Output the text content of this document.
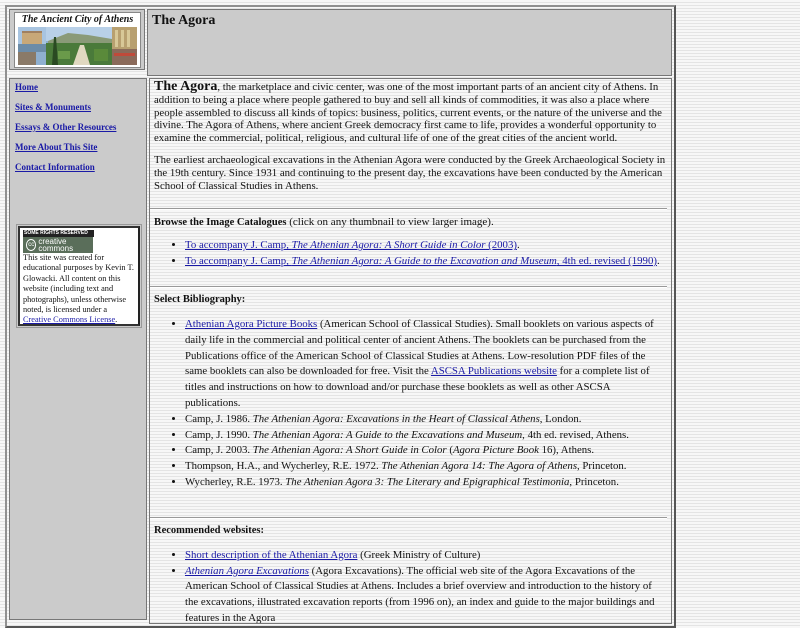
The Ancient City of Athens	The Agora
Home
Sites & Monuments
Essays & Other Resources
More About This Site
Contact Information
SOME RIGHTS RESERVED
cc creative commons
This site was created for educational purposes by Kevin T. Glowacki. All content on this website (including text and photographs), unless otherwise noted, is licensed under a Creative Commons License.

The Agora, the marketplace and civic center, was one of the most important parts of an ancient city of Athens. In addition to being a place where people gathered to buy and sell all kinds of commodities, it was also a place where people assembled to discuss all kinds of topics: business, politics, current events, or the nature of the universe and the divine. The Agora of Athens, where ancient Greek democracy first came to life, provides a wonderful opportunity to examine the commercial, political, religious, and cultural life of one of the great cities of the ancient world.

The earliest archaeological excavations in the Athenian Agora were conducted by the Greek Archaeological Society in the 19th century. Since 1931 and continuing to the present day, the excavations have been conducted by the American School of Classical Studies in Athens.

Browse the Image Catalogues (click on any thumbnail to view larger image).
• To accompany J. Camp, The Athenian Agora: A Short Guide in Color (2003).
• To accompany J. Camp, The Athenian Agora: A Guide to the Excavation and Museum, 4th ed. revised (1990).
Select Bibliography:
• Athenian Agora Picture Books (American School of Classical Studies). Small booklets on various aspects of daily life in the commercial and political center of ancient Athens. The booklets can be purchased from the Publications office of the American School of Classical Studies at Athens. Low-resolution PDF files of the same booklets can also be downloaded for free. Visit the ASCSA Publications website for a complete list of titles and instructions on how to download and/or purchase these booklets as well as other ASCSA publications.
• Camp, J. 1986. The Athenian Agora: Excavations in the Heart of Classical Athens, London.
• Camp, J. 1990. The Athenian Agora: A Guide to the Excavations and Museum, 4th ed. revised, Athens.
• Camp, J. 2003. The Athenian Agora: A Short Guide in Color (Agora Picture Book 16), Athens.
• Thompson, H.A., and Wycherley, R.E. 1972. The Athenian Agora 14: The Agora of Athens, Princeton.
• Wycherley, R.E. 1973. The Athenian Agora 3: The Literary and Epigraphical Testimonia, Princeton.
Recommended websites:
• Short description of the Athenian Agora (Greek Ministry of Culture)
• Athenian Agora Excavations (Agora Excavations). The official web site of the Agora Excavations of the American School of Classical Studies at Athens. Includes a brief overview and introduction to the history of the excavations, illustrated excavation reports (from 1996 on), an index and guide to the major buildings and features in the Agora
